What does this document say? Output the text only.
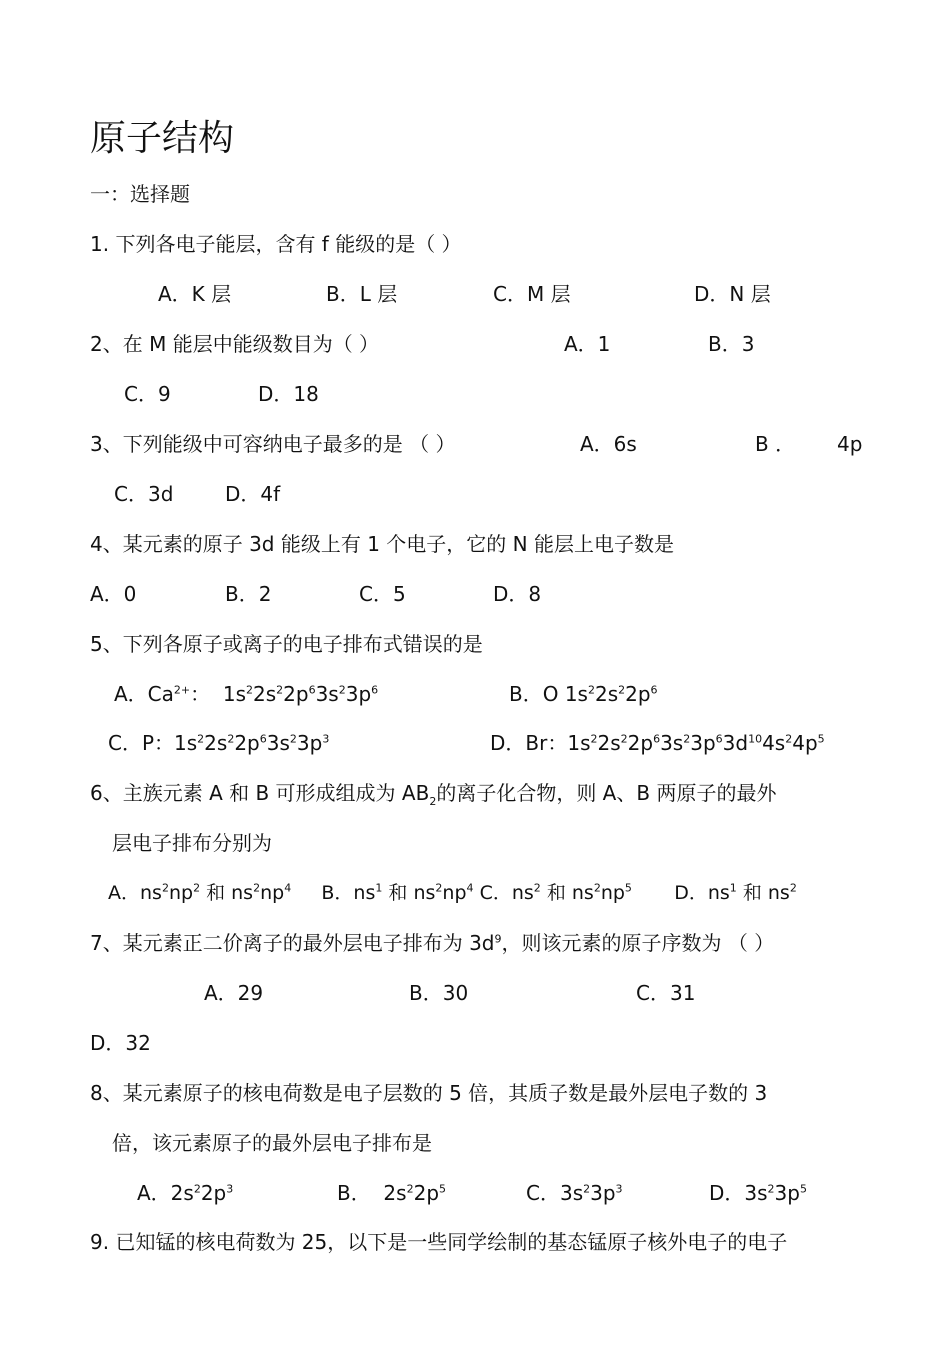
原子结构
一：选择题
1. 下列各电子能层，含有 f 能级的是（ ）
A．K 层	B．L 层	C．M 层	D．N 层
2、在 M 能层中能级数目为（ ）	A．1	B．3
C．9	D．18
3、下列能级中可容纳电子最多的是 （ ）	A．6s	B ． 4p
C．3d	D．4f
4、某元素的原子 3d 能级上有 1 个电子，它的 N 能层上电子数是
A．0	B．2	C．5	D．8
5、下列各原子或离子的电子排布式错误的是
A．$Ca^{2+}$：  $1s^22s^22p^63s^23p^6$	B．O $1s^22s^22p^6$
C．P：$1s^22s^22p^63s^23p^3$	D．Br：$1s^22s^22p^63s^23p^63d^{10}4s^24p^5$
6、主族元素 A 和 B 可形成组成为 $AB_2$的离子化合物，则 A、B 两原子的最外
层电子排布分别为
A．$ns^2np^2$ 和 $ns^2np^4$     B．$ns^1$ 和 $ns^2np^4$ C．$ns^2$ 和 $ns^2np^5$       D．$ns^1$ 和 $ns^2$
7、某元素正二价离子的最外层电子排布为 $3d^9$，则该元素的原子序数为 （ ）
A．29	B．30	C．31
D．32
8、某元素原子的核电荷数是电子层数的 5 倍，其质子数是最外层电子数的 3
倍，该元素原子的最外层电子排布是
A．$2s^22p^3$	B．  $2s^22p^5$	C．$3s^23p^3$	D．$3s^23p^5$
9. 已知锰的核电荷数为 25，以下是一些同学绘制的基态锰原子核外电子的电子
